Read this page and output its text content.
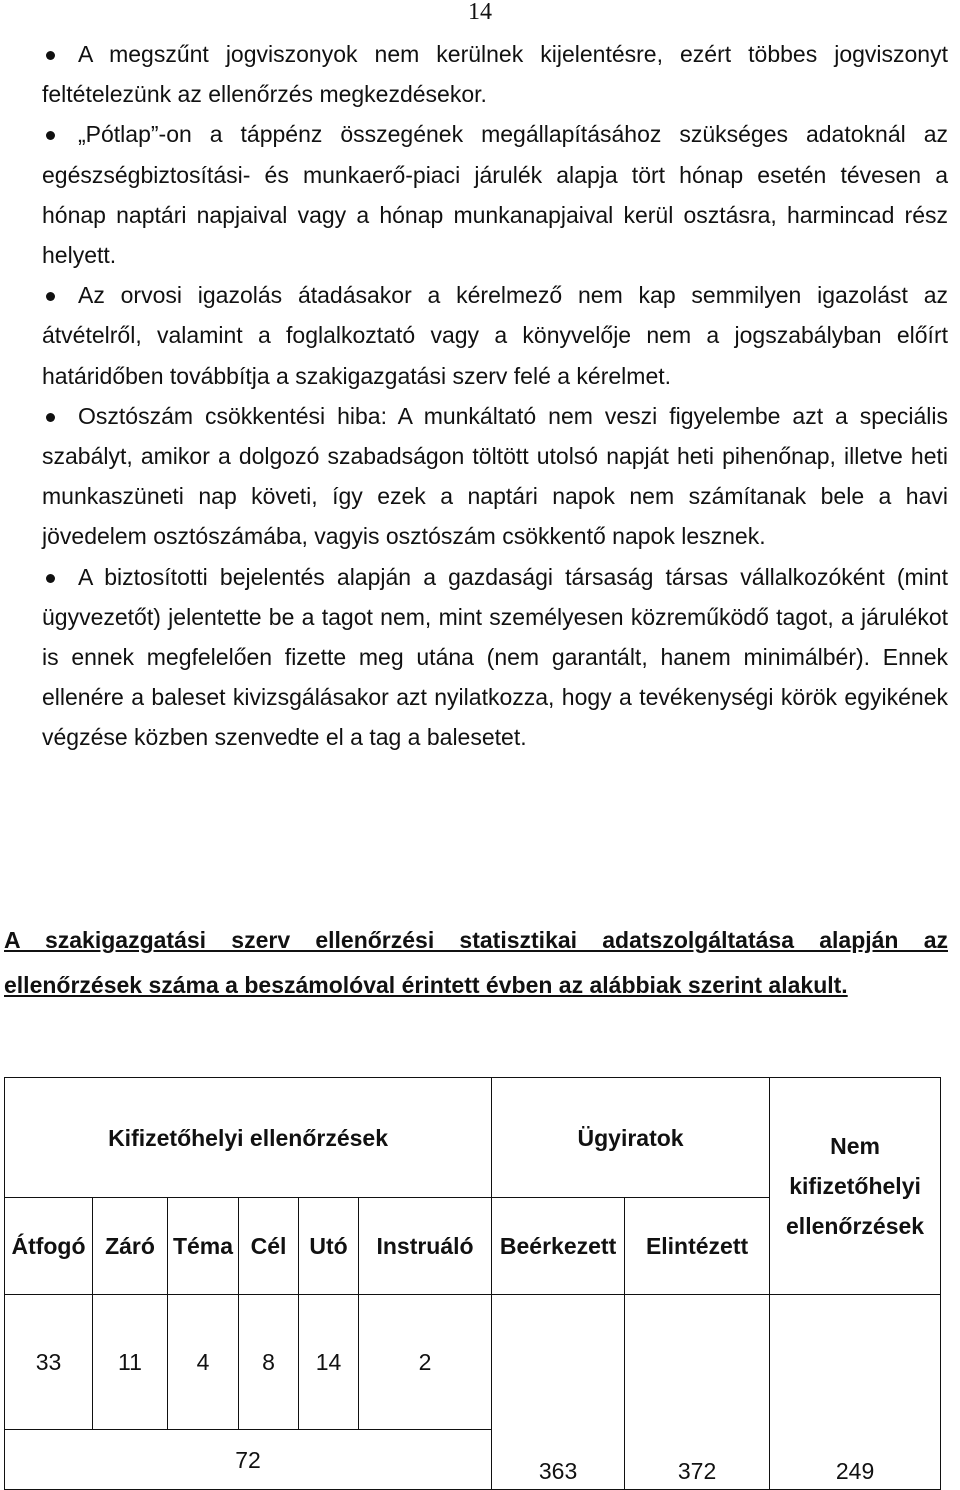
14
A megszűnt jogviszonyok nem kerülnek kijelentésre, ezért többes jogviszonyt feltételezünk az ellenőrzés megkezdésekor.
„Pótlap”-on a táppénz összegének megállapításához szükséges adatoknál az egészségbiztosítási- és munkaerő-piaci járulék alapja tört hónap esetén tévesen a hónap naptári napjaival vagy a hónap munkanapjaival kerül osztásra, harmincad rész helyett.
Az orvosi igazolás átadásakor a kérelmező nem kap semmilyen igazolást az átvételről, valamint a foglalkoztató vagy a könyvelője nem a jogszabályban előírt határidőben továbbítja a szakigazgatási szerv felé a kérelmet.
Osztószám csökkentési hiba: A munkáltató nem veszi figyelembe azt a speciális szabályt, amikor a dolgozó szabadságon töltött utolsó napját heti pihenőnap, illetve heti munkaszüneti nap követi, így ezek a naptári napok nem számítanak bele a havi jövedelem osztószámába, vagyis osztószám csökkentő napok lesznek.
A biztosítotti bejelentés alapján a gazdasági társaság társas vállalkozóként (mint ügyvezetőt) jelentette be a tagot nem, mint személyesen közreműködő tagot, a járulékot is ennek megfelelően fizette meg utána (nem garantált, hanem minimálbér). Ennek ellenére a baleset kivizsgálásakor azt nyilatkozza, hogy a tevékenységi körök egyikének végzése közben szenvedte el a tag a balesetet.
A szakigazgatási szerv ellenőrzési statisztikai adatszolgáltatása alapján az ellenőrzések száma a beszámolóval érintett évben az alábbiak szerint alakult.
Kifizetőhelyi ellenőrzések						Ügyiratok		Nem kifizetőhelyi ellenőrzések
Átfogó	Záró	Téma	Cél	Utó	Instruáló	Beérkezett	Elintézett	
33	11	4	8	14	2	363	372	249
72								
